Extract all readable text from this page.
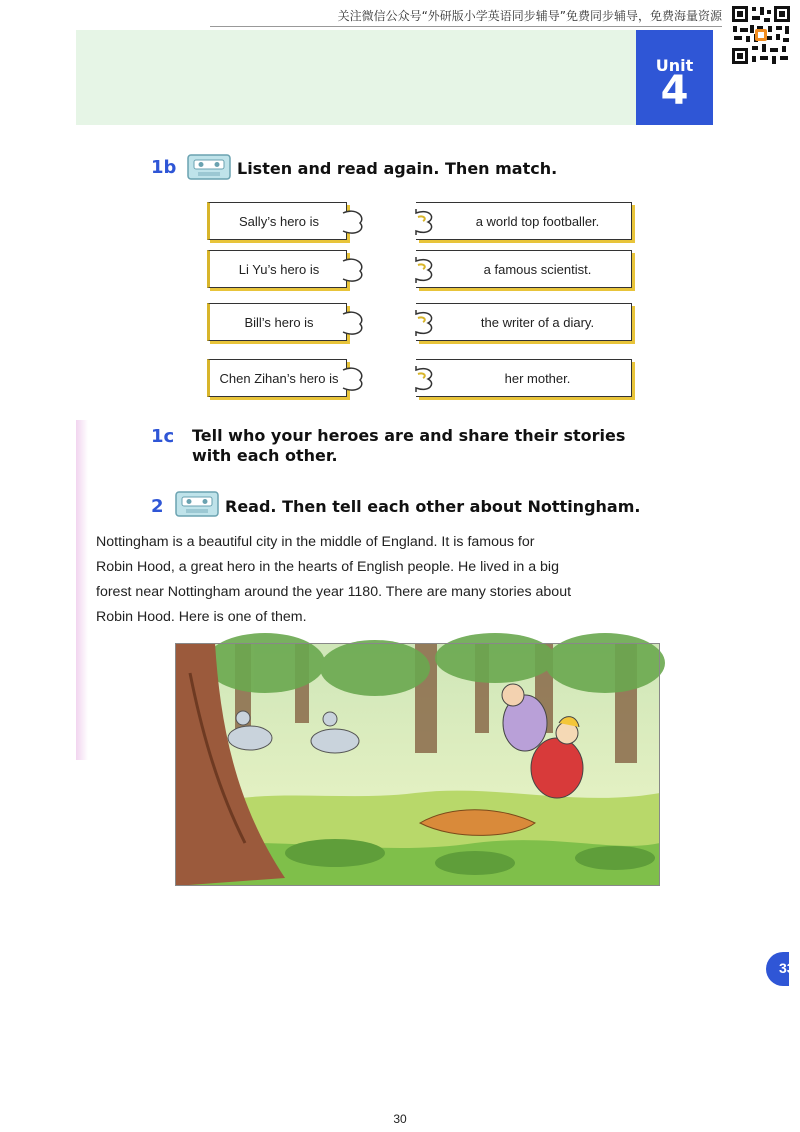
关注微信公众号“外研版小学英语同步辅导”免费同步辅导，免费海量资源
Unit
4
1b	Listen and read again. Then match.
Sally’s hero is
Li Yu’s hero is
Bill’s hero is
Chen Zihan’s hero is
a world top footballer.
a famous scientist.
the writer of a diary.
her mother.
1c Tell who your heroes are and share their stories
with each other.
2	Read. Then tell each other about Nottingham.
33
Nottingham is a beautiful city in the middle of England. It is famous for
Robin Hood, a great hero in the hearts of English people. He lived in a big
forest near Nottingham around the year 1180. There are many stories about
Robin Hood. Here is one of them.
30
